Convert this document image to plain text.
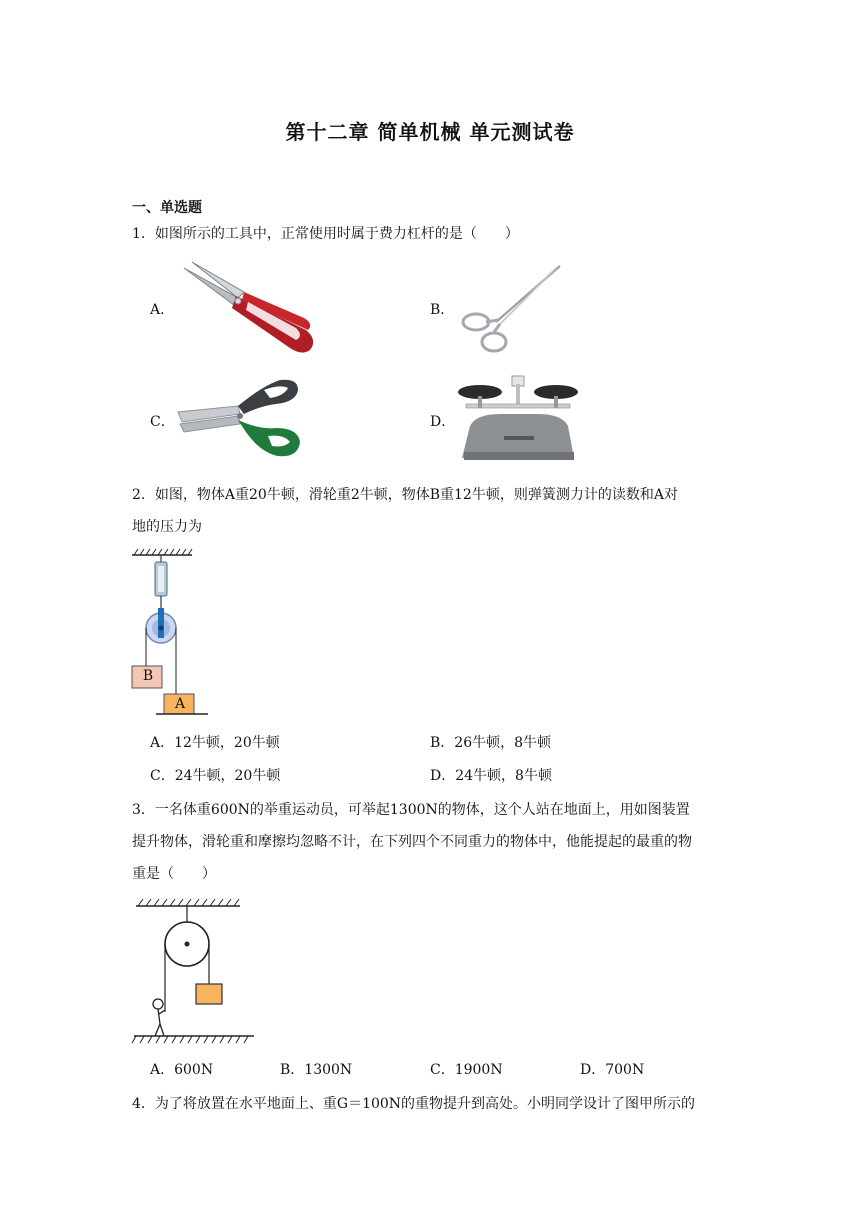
第十二章 简单机械 单元测试卷
一、单选题
1．如图所示的工具中，正常使用时属于费力杠杆的是（　　）
A．	B．
C．	D．
2．如图，物体A重20牛顿，滑轮重2牛顿，物体B重12牛顿，则弹簧测力计的读数和A对
地的压力为
B
A
A．12牛顿，20牛顿	B．26牛顿，8牛顿
C．24牛顿，20牛顿	D．24牛顿，8牛顿
3．一名体重600N的举重运动员，可举起1300N的物体，这个人站在地面上，用如图装置
提升物体，滑轮重和摩擦均忽略不计，在下列四个不同重力的物体中，他能提起的最重的物
重是（　　）
A．600N	B．1300N	C．1900N	D．700N
4．为了将放置在水平地面上、重G＝100N的重物提升到高处。小明同学设计了图甲所示的
